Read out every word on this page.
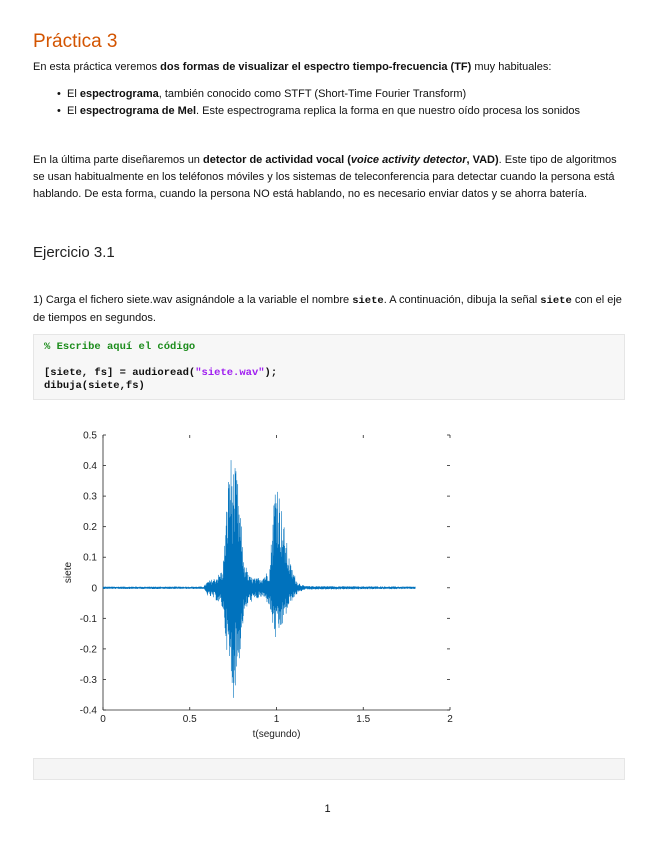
Práctica 3

En esta práctica veremos dos formas de visualizar el espectro tiempo-frecuencia (TF) muy habituales:

• El espectrograma, también conocido como STFT (Short-Time Fourier Transform)
• El espectrograma de Mel. Este espectrograma replica la forma en que nuestro oído procesa los sonidos

En la última parte diseñaremos un detector de actividad vocal (voice activity detector, VAD). Este tipo de algoritmos se usan habitualmente en los teléfonos móviles y los sistemas de teleconferencia para detectar cuando la persona está hablando. De esta forma, cuando la persona NO está hablando, no es necesario enviar datos y se ahorra batería.

Ejercicio 3.1

1) Carga el fichero siete.wav asignándole a la variable el nombre siete. A continuación, dibuja la señal siete con el eje de tiempos en segundos.

% Escribe aquí el código

[siete, fs] = audioread("siete.wav");
dibuja(siete,fs)
0	0.5	1	1.5	2
0.5
0.4
0.3
0.2
0.1
0
-0.1
-0.2
-0.3
-0.4
t(segundo)
siete
1
